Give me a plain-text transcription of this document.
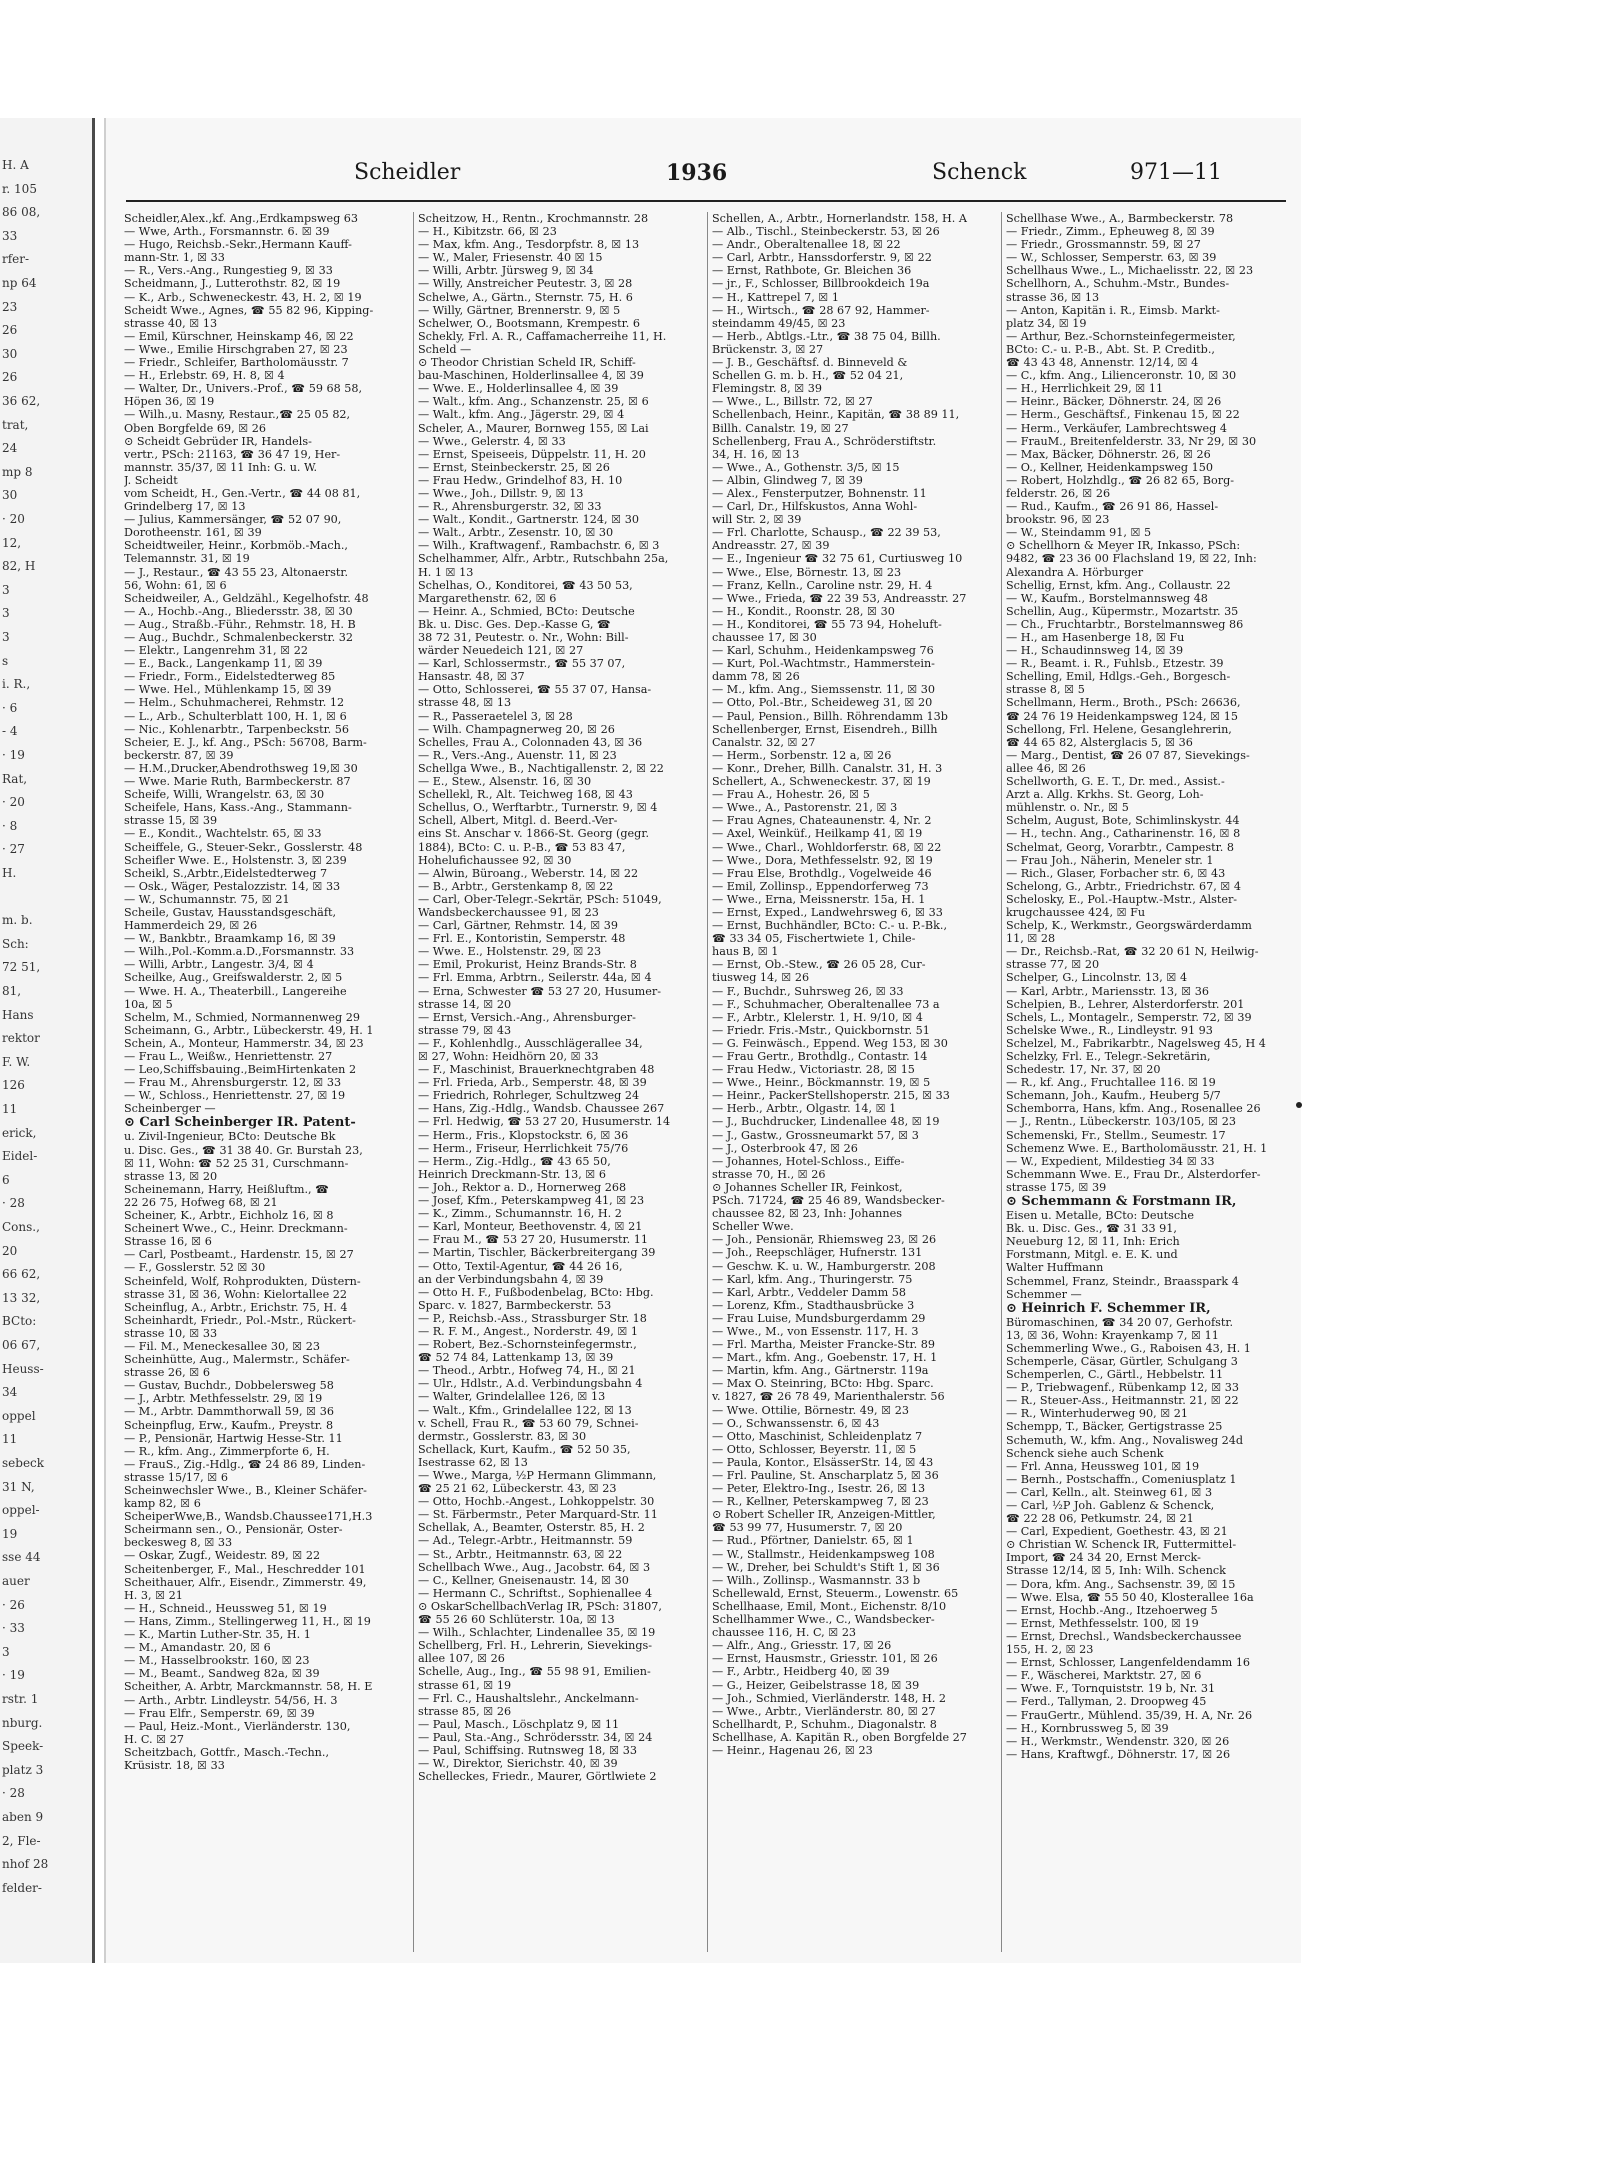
H. A
r. 105
86 08,
33
rfer-
np 64
23
26
30
26
36 62,
trat,
24
mp 8
30
· 20
12,
82, H
3
3
3
s
i. R.,
· 6
- 4
· 19
Rat,
· 20
· 8
· 27
H.
m. b.
Sch:
72 51,
81,
Hans
rektor
F. W.
126
11
erick,
Eidel-
6
· 28
Cons.,
20
66 62,
13 32,
BCto:
06 67,
Heuss-
34
oppel
11
sebeck
31 N,
oppel-
19
sse 44
auer
· 26
· 33
3
· 19
rstr. 1
nburg.
Speek-
platz 3
· 28
aben 9
2, Fle-
nhof 28
felder-
Scheidler	1936	Schenck	971—11
Scheidler,Alex.,kf. Ang.,Erdkampsweg 63
— Wwe, Arth., Forsmannstr. 6. ☒ 39
— Hugo, Reichsb.-Sekr.,Hermann Kauff-
mann-Str. 1, ☒ 33
— R., Vers.-Ang., Rungestieg 9, ☒ 33
Scheidmann, J., Lutterothstr. 82, ☒ 19
— K., Arb., Schweneckestr. 43, H. 2, ☒ 19
Scheidt Wwe., Agnes, ☎ 55 82 96, Kipping-
strasse 40, ☒ 13
— Emil, Kürschner, Heinskamp 46, ☒ 22
— Wwe., Emilie Hirschgraben 27, ☒ 23
— Friedr., Schleifer, Bartholomäusstr. 7
— H., Erlebstr. 69, H. 8, ☒ 4
— Walter, Dr., Univers.-Prof., ☎ 59 68 58,
Höpen 36, ☒ 19
— Wilh.,u. Masny, Restaur.,☎ 25 05 82,
Oben Borgfelde 69, ☒ 26
⊙ Scheidt Gebrüder IR, Handels-
vertr., PSch: 21163, ☎ 36 47 19, Her-
mannstr. 35/37, ☒ 11 Inh: G. u. W.
J. Scheidt
vom Scheidt, H., Gen.-Vertr., ☎ 44 08 81,
Grindelberg 17, ☒ 13
— Julius, Kammersänger, ☎ 52 07 90,
Dorotheenstr. 161, ☒ 39
Scheidtweiler, Heinr., Korbmöb.-Mach.,
Telemannstr. 31, ☒ 19
— J., Restaur., ☎ 43 55 23, Altonaerstr.
56, Wohn: 61, ☒ 6
Scheidweiler, A., Geldzähl., Kegelhofstr. 48
— A., Hochb.-Ang., Bliedersstr. 38, ☒ 30
— Aug., Straßb.-Führ., Rehmstr. 18, H. B
— Aug., Buchdr., Schmalenbeckerstr. 32
— Elektr., Langenrehm 31, ☒ 22
— E., Back., Langenkamp 11, ☒ 39
— Friedr., Form., Eidelstedterweg 85
— Wwe. Hel., Mühlenkamp 15, ☒ 39
— Helm., Schuhmacherei, Rehmstr. 12
— L., Arb., Schulterblatt 100, H. 1, ☒ 6
— Nic., Kohlenarbtr., Tarpenbeckstr. 56
Scheier, E. J., kf. Ang., PSch: 56708, Barm-
beckerstr. 87, ☒ 39
— H.M.,Drucker,Abendrothsweg 19,☒ 30
— Wwe. Marie Ruth, Barmbeckerstr. 87
Scheife, Willi, Wrangelstr. 63, ☒ 30
Scheifele, Hans, Kass.-Ang., Stammann-
strasse 15, ☒ 39
— E., Kondit., Wachtelstr. 65, ☒ 33
Scheiffele, G., Steuer-Sekr., Gosslerstr. 48
Scheifler Wwe. E., Holstenstr. 3, ☒ 239
Scheikl, S.,Arbtr.,Eidelstedterweg 7
— Osk., Wäger, Pestalozzistr. 14, ☒ 33
— W., Schumannstr. 75, ☒ 21
Scheile, Gustav, Hausstandsgeschäft,
Hammerdeich 29, ☒ 26
— W., Bankbtr., Braamkamp 16, ☒ 39
— Wilh.,Pol.-Komm.a.D.,Forsmannstr. 33
— Willi, Arbtr., Langestr. 3/4, ☒ 4
Scheilke, Aug., Greifswalderstr. 2, ☒ 5
— Wwe. H. A., Theaterbill., Langereihe
10a, ☒ 5
Schelm, M., Schmied, Normannenweg 29
Scheimann, G., Arbtr., Lübeckerstr. 49, H. 1
Schein, A., Monteur, Hammerstr. 34, ☒ 23
— Frau L., Weißw., Henriettenstr. 27
— Leo,Schiffsbauing.,BeimHirtenkaten 2
— Frau M., Ahrensburgerstr. 12, ☒ 33
— W., Schloss., Henriettenstr. 27, ☒ 19
Scheinberger —
⊙ Carl Scheinberger IR. Patent-
u. Zivil-Ingenieur, BCto: Deutsche Bk
u. Disc. Ges., ☎ 31 38 40. Gr. Burstah 23,
☒ 11, Wohn: ☎ 52 25 31, Curschmann-
strasse 13, ☒ 20
Scheinemann, Harry, Heißluftm., ☎
22 26 75, Hofweg 68, ☒ 21
Scheiner, K., Arbtr., Eichholz 16, ☒ 8
Scheinert Wwe., C., Heinr. Dreckmann-
Strasse 16, ☒ 6
— Carl, Postbeamt., Hardenstr. 15, ☒ 27
— F., Gosslerstr. 52 ☒ 30
Scheinfeld, Wolf, Rohprodukten, Düstern-
strasse 31, ☒ 36, Wohn: Kielortallee 22
Scheinflug, A., Arbtr., Erichstr. 75, H. 4
Scheinhardt, Friedr., Pol.-Mstr., Rückert-
strasse 10, ☒ 33
— Fil. M., Meneckesallee 30, ☒ 23
Scheinhütte, Aug., Malermstr., Schäfer-
strasse 26, ☒ 6
— Gustav, Buchdr., Dobbelersweg 58
— J., Arbtr. Methfesselstr. 29, ☒ 19
— M., Arbtr. Dammthorwall 59, ☒ 36
Scheinpflug, Erw., Kaufm., Preystr. 8
— P., Pensionär, Hartwig Hesse-Str. 11
— R., kfm. Ang., Zimmerpforte 6, H.
— FrauS., Zig.-Hdlg., ☎ 24 86 89, Linden-
strasse 15/17, ☒ 6
Scheinwechsler Wwe., B., Kleiner Schäfer-
kamp 82, ☒ 6
ScheiperWwe,B., Wandsb.Chaussee171,H.3
Scheirmann sen., O., Pensionär, Oster-
beckesweg 8, ☒ 33
— Oskar, Zugf., Weidestr. 89, ☒ 22
Scheitenberger, F., Mal., Heschredder 101
Scheithauer, Alfr., Eisendr., Zimmerstr. 49,
H. 3, ☒ 21
— H., Schneid., Heussweg 51, ☒ 19
— Hans, Zimm., Stellingerweg 11, H., ☒ 19
— K., Martin Luther-Str. 35, H. 1
— M., Amandastr. 20, ☒ 6
— M., Hasselbrookstr. 160, ☒ 23
— M., Beamt., Sandweg 82a, ☒ 39
Scheither, A. Arbtr, Marckmannstr. 58, H. E
— Arth., Arbtr. Lindleystr. 54/56, H. 3
— Frau Elfr., Semperstr. 69, ☒ 39
— Paul, Heiz.-Mont., Vierländerstr. 130,
H. C. ☒ 27
Scheitzbach, Gottfr., Masch.-Techn.,
Krüsistr. 18, ☒ 33
Scheitzow, H., Rentn., Krochmannstr. 28
— H., Kibitzstr. 66, ☒ 23
— Max, kfm. Ang., Tesdorpfstr. 8, ☒ 13
— W., Maler, Friesenstr. 40 ☒ 15
— Willi, Arbtr. Jürsweg 9, ☒ 34
— Willy, Anstreicher Peutestr. 3, ☒ 28
Schelwe, A., Gärtn., Sternstr. 75, H. 6
— Willy, Gärtner, Brennerstr. 9, ☒ 5
Schelwer, O., Bootsmann, Krempestr. 6
Schekly, Frl. A. R., Caffamacherreihe 11, H.
Scheld —
⊙ Theodor Christian Scheld IR, Schiff-
bau-Maschinen, Holderlinsallee 4, ☒ 39
— Wwe. E., Holderlinsallee 4, ☒ 39
— Walt., kfm. Ang., Schanzenstr. 25, ☒ 6
— Walt., kfm. Ang., Jägerstr. 29, ☒ 4
Scheler, A., Maurer, Bornweg 155, ☒ Lai
— Wwe., Gelerstr. 4, ☒ 33
— Ernst, Speiseeis, Düppelstr. 11, H. 20
— Ernst, Steinbeckerstr. 25, ☒ 26
— Frau Hedw., Grindelhof 83, H. 10
— Wwe., Joh., Dillstr. 9, ☒ 13
— R., Ahrensburgerstr. 32, ☒ 33
— Walt., Kondit., Gartnerstr. 124, ☒ 30
— Walt., Arbtr., Zesenstr. 10, ☒ 30
— Wilh., Kraftwagenf., Rambachstr. 6, ☒ 3
Schelhammer, Alfr., Arbtr., Rutschbahn 25a,
H. 1 ☒ 13
Schelhas, O., Konditorei, ☎ 43 50 53,
Margarethenstr. 62, ☒ 6
— Heinr. A., Schmied, BCto: Deutsche
Bk. u. Disc. Ges. Dep.-Kasse G, ☎
38 72 31, Peutestr. o. Nr., Wohn: Bill-
wärder Neuedeich 121, ☒ 27
— Karl, Schlossermstr., ☎ 55 37 07,
Hansastr. 48, ☒ 37
— Otto, Schlosserei, ☎ 55 37 07, Hansa-
strasse 48, ☒ 13
— R., Passeraetelel 3, ☒ 28
— Wilh. Champagnerweg 20, ☒ 26
Schelles, Frau A., Colonnaden 43, ☒ 36
— R., Vers.-Ang., Auenstr. 11, ☒ 23
Schellga Wwe., B., Nachtigallenstr. 2, ☒ 22
— E., Stew., Alsenstr. 16, ☒ 30
Schellekl, R., Alt. Teichweg 168, ☒ 43
Schellus, O., Werftarbtr., Turnerstr. 9, ☒ 4
Schell, Albert, Mitgl. d. Beerd.-Ver-
eins St. Anschar v. 1866-St. Georg (gegr.
1884), BCto: C. u. P.-B., ☎ 53 83 47,
Hohelufichaussee 92, ☒ 30
— Alwin, Büroang., Weberstr. 14, ☒ 22
— B., Arbtr., Gerstenkamp 8, ☒ 22
— Carl, Ober-Telegr.-Sekrtär, PSch: 51049,
Wandsbeckerchaussee 91, ☒ 23
— Carl, Gärtner, Rehmstr. 14, ☒ 39
— Frl. E., Kontoristin, Semperstr. 48
— Wwe. E., Holstenstr. 29, ☒ 23
— Emil, Prokurist, Heinz Brands-Str. 8
— Frl. Emma, Arbtrn., Seilerstr. 44a, ☒ 4
— Erna, Schwester ☎ 53 27 20, Husumer-
strasse 14, ☒ 20
— Ernst, Versich.-Ang., Ahrensburger-
strasse 79, ☒ 43
— F., Kohlenhdlg., Ausschlägerallee 34,
☒ 27, Wohn: Heidhörn 20, ☒ 33
— F., Maschinist, Brauerknechtgraben 48
— Frl. Frieda, Arb., Semperstr. 48, ☒ 39
— Friedrich, Rohrleger, Schultzweg 24
— Hans, Zig.-Hdlg., Wandsb. Chaussee 267
— Frl. Hedwig, ☎ 53 27 20, Husumerstr. 14
— Herm., Fris., Klopstockstr. 6, ☒ 36
— Herm., Friseur, Herrlichkeit 75/76
— Herm., Zig.-Hdlg., ☎ 43 65 50,
Heinrich Dreckmann-Str. 13, ☒ 6
— Joh., Rektor a. D., Hornerweg 268
— Josef, Kfm., Peterskampweg 41, ☒ 23
— K., Zimm., Schumannstr. 16, H. 2
— Karl, Monteur, Beethovenstr. 4, ☒ 21
— Frau M., ☎ 53 27 20, Husumerstr. 11
— Martin, Tischler, Bäckerbreitergang 39
— Otto, Textil-Agentur, ☎ 44 26 16,
an der Verbindungsbahn 4, ☒ 39
— Otto H. F., Fußbodenbelag, BCto: Hbg.
Sparc. v. 1827, Barmbeckerstr. 53
— P., Reichsb.-Ass., Strassburger Str. 18
— R. F. M., Angest., Norderstr. 49, ☒ 1
— Robert, Bez.-Schornsteinfegermstr.,
☎ 52 74 84, Lattenkamp 13, ☒ 39
— Theod., Arbtr., Hofweg 74, H., ☒ 21
— Ulr., Hdlstr., A.d. Verbindungsbahn 4
— Walter, Grindelallee 126, ☒ 13
— Walt., Kfm., Grindelallee 122, ☒ 13
v. Schell, Frau R., ☎ 53 60 79, Schnei-
dermstr., Gosslerstr. 83, ☒ 30
Schellack, Kurt, Kaufm., ☎ 52 50 35,
Isestrasse 62, ☒ 13
— Wwe., Marga, ½P Hermann Glimmann,
☎ 25 21 62, Lübeckerstr. 43, ☒ 23
— Otto, Hochb.-Angest., Lohkoppelstr. 30
— St. Färbermstr., Peter Marquard-Str. 11
Schellak, A., Beamter, Osterstr. 85, H. 2
— Ad., Telegr.-Arbtr., Heitmannstr. 59
— St., Arbtr., Heitmannstr. 63, ☒ 22
Schellbach Wwe., Aug., Jacobstr. 64, ☒ 3
— C., Kellner, Gneisenaustr. 14, ☒ 30
— Hermann C., Schriftst., Sophienallee 4
⊙ OskarSchellbachVerlag IR, PSch: 31807,
☎ 55 26 60 Schlüterstr. 10a, ☒ 13
— Wilh., Schlachter, Lindenallee 35, ☒ 19
Schellberg, Frl. H., Lehrerin, Sievekings-
allee 107, ☒ 26
Schelle, Aug., Ing., ☎ 55 98 91, Emilien-
strasse 61, ☒ 19
— Frl. C., Haushaltslehr., Anckelmann-
strasse 85, ☒ 26
— Paul, Masch., Löschplatz 9, ☒ 11
— Paul, Sta.-Ang., Schrödersstr. 34, ☒ 24
— Paul, Schiffsing. Rutnsweg 18, ☒ 33
— W., Direktor, Sierichstr. 40, ☒ 39
Schelleckes, Friedr., Maurer, Görtlwiete 2
Schellen, A., Arbtr., Hornerlandstr. 158, H. A
— Alb., Tischl., Steinbeckerstr. 53, ☒ 26
— Andr., Oberaltenallee 18, ☒ 22
— Carl, Arbtr., Hanssdorferstr. 9, ☒ 22
— Ernst, Rathbote, Gr. Bleichen 36
— jr., F., Schlosser, Billbrookdeich 19a
— H., Kattrepel 7, ☒ 1
— H., Wirtsch., ☎ 28 67 92, Hammer-
steindamm 49/45, ☒ 23
— Herb., Abtlgs.-Ltr., ☎ 38 75 04, Billh.
Brückenstr. 3, ☒ 27
— J. B., Geschäftsf. d. Binneveld &
Schellen G. m. b. H., ☎ 52 04 21,
Flemingstr. 8, ☒ 39
— Wwe., L., Billstr. 72, ☒ 27
Schellenbach, Heinr., Kapitän, ☎ 38 89 11,
Billh. Canalstr. 19, ☒ 27
Schellenberg, Frau A., Schröderstiftstr.
34, H. 16, ☒ 13
— Wwe., A., Gothenstr. 3/5, ☒ 15
— Albin, Glindweg 7, ☒ 39
— Alex., Fensterputzer, Bohnenstr. 11
— Carl, Dr., Hilfskustos, Anna Wohl-
will Str. 2, ☒ 39
— Frl. Charlotte, Schausp., ☎ 22 39 53,
Andreasstr. 27, ☒ 39
— E., Ingenieur ☎ 32 75 61, Curtiusweg 10
— Wwe., Else, Börnestr. 13, ☒ 23
— Franz, Kelln., Caroline nstr. 29, H. 4
— Wwe., Frieda, ☎ 22 39 53, Andreasstr. 27
— H., Kondit., Roonstr. 28, ☒ 30
— H., Konditorei, ☎ 55 73 94, Hoheluft-
chaussee 17, ☒ 30
— Karl, Schuhm., Heidenkampsweg 76
— Kurt, Pol.-Wachtmstr., Hammerstein-
damm 78, ☒ 26
— M., kfm. Ang., Siemssenstr. 11, ☒ 30
— Otto, Pol.-Btr., Scheideweg 31, ☒ 20
— Paul, Pension., Billh. Röhrendamm 13b
Schellenberger, Ernst, Eisendreh., Billh
Canalstr. 32, ☒ 27
— Herm., Sorbenstr. 12 a, ☒ 26
— Konr., Dreher, Billh. Canalstr. 31, H. 3
Schellert, A., Schweneckestr. 37, ☒ 19
— Frau A., Hohestr. 26, ☒ 5
— Wwe., A., Pastorenstr. 21, ☒ 3
— Frau Agnes, Chateaunenstr. 4, Nr. 2
— Axel, Weinküf., Heilkamp 41, ☒ 19
— Wwe., Charl., Wohldorferstr. 68, ☒ 22
— Wwe., Dora, Methfesselstr. 92, ☒ 19
— Frau Else, Brothdlg., Vogelweide 46
— Emil, Zollinsp., Eppendorferweg 73
— Wwe., Erna, Meissnerstr. 15a, H. 1
— Ernst, Exped., Landwehrsweg 6, ☒ 33
— Ernst, Buchhändler, BCto: C.- u. P.-Bk.,
☎ 33 34 05, Fischertwiete 1, Chile-
haus B, ☒ 1
— Ernst, Ob.-Stew., ☎ 26 05 28, Cur-
tiusweg 14, ☒ 26
— F., Buchdr., Suhrsweg 26, ☒ 33
— F., Schuhmacher, Oberaltenallee 73 a
— F., Arbtr., Klelerstr. 1, H. 9/10, ☒ 4
— Friedr. Fris.-Mstr., Quickbornstr. 51
— G. Feinwäsch., Eppend. Weg 153, ☒ 30
— Frau Gertr., Brothdlg., Contastr. 14
— Frau Hedw., Victoriastr. 28, ☒ 15
— Wwe., Heinr., Böckmannstr. 19, ☒ 5
— Heinr., PackerStellshoperstr. 215, ☒ 33
— Herb., Arbtr., Olgastr. 14, ☒ 1
— J., Buchdrucker, Lindenallee 48, ☒ 19
— J., Gastw., Grossneumarkt 57, ☒ 3
— J., Osterbrook 47, ☒ 26
— Johannes, Hotel-Schloss., Eiffe-
strasse 70, H., ☒ 26
⊙ Johannes Scheller IR, Feinkost,
PSch. 71724, ☎ 25 46 89, Wandsbecker-
chaussee 82, ☒ 23, Inh: Johannes
Scheller Wwe.
— Joh., Pensionär, Rhiemsweg 23, ☒ 26
— Joh., Reepschläger, Hufnerstr. 131
— Geschw. K. u. W., Hamburgerstr. 208
— Karl, kfm. Ang., Thuringerstr. 75
— Karl, Arbtr., Veddeler Damm 58
— Lorenz, Kfm., Stadthausbrücke 3
— Frau Luise, Mundsburgerdamm 29
— Wwe., M., von Essenstr. 117, H. 3
— Frl. Martha, Meister Francke-Str. 89
— Mart., kfm. Ang., Goebenstr. 17, H. 1
— Martin, kfm. Ang., Gärtnerstr. 119a
— Max O. Steinring, BCto: Hbg. Sparc.
v. 1827, ☎ 26 78 49, Marienthalerstr. 56
— Wwe. Ottilie, Börnestr. 49, ☒ 23
— O., Schwanssenstr. 6, ☒ 43
— Otto, Maschinist, Schleidenplatz 7
— Otto, Schlosser, Beyerstr. 11, ☒ 5
— Paula, Kontor., ElsässerStr. 14, ☒ 43
— Frl. Pauline, St. Anscharplatz 5, ☒ 36
— Peter, Elektro-Ing., Isestr. 26, ☒ 13
— R., Kellner, Peterskampweg 7, ☒ 23
⊙ Robert Scheller IR, Anzeigen-Mittler,
☎ 53 99 77, Husumerstr. 7, ☒ 20
— Rud., Pförtner, Danielstr. 65, ☒ 1
— W., Stallmstr., Heidenkampsweg 108
— W., Dreher, bei Schuldt's Stift 1, ☒ 36
— Wilh., Zollinsp., Wasmannstr. 33 b
Schellewald, Ernst, Steuerm., Lowenstr. 65
Schellhaase, Emil, Mont., Eichenstr. 8/10
Schellhammer Wwe., C., Wandsbecker-
chaussee 116, H. C, ☒ 23
— Alfr., Ang., Griesstr. 17, ☒ 26
— Ernst, Hausmstr., Griesstr. 101, ☒ 26
— F., Arbtr., Heidberg 40, ☒ 39
— G., Heizer, Geibelstrasse 18, ☒ 39
— Joh., Schmied, Vierländerstr. 148, H. 2
— Wwe., Arbtr., Vierländerstr. 80, ☒ 27
Schellhardt, P., Schuhm., Diagonalstr. 8
Schellhase, A. Kapitän R., oben Borgfelde 27
— Heinr., Hagenau 26, ☒ 23
Schellhase Wwe., A., Barmbeckerstr. 78
— Friedr., Zimm., Epheuweg 8, ☒ 39
— Friedr., Grossmannstr. 59, ☒ 27
— W., Schlosser, Semperstr. 63, ☒ 39
Schellhaus Wwe., L., Michaelisstr. 22, ☒ 23
Schellhorn, A., Schuhm.-Mstr., Bundes-
strasse 36, ☒ 13
— Anton, Kapitän i. R., Eimsb. Markt-
platz 34, ☒ 19
— Arthur, Bez.-Schornsteinfegermeister,
BCto: C.- u. P.-B., Abt. St. P. Creditb.,
☎ 43 43 48, Annenstr. 12/14, ☒ 4
— C., kfm. Ang., Lilienceronstr. 10, ☒ 30
— H., Herrlichkeit 29, ☒ 11
— Heinr., Bäcker, Döhnerstr. 24, ☒ 26
— Herm., Geschäftsf., Finkenau 15, ☒ 22
— Herm., Verkäufer, Lambrechtsweg 4
— FrauM., Breitenfelderstr. 33, Nr 29, ☒ 30
— Max, Bäcker, Döhnerstr. 26, ☒ 26
— O., Kellner, Heidenkampsweg 150
— Robert, Holzhdlg., ☎ 26 82 65, Borg-
felderstr. 26, ☒ 26
— Rud., Kaufm., ☎ 26 91 86, Hassel-
brookstr. 96, ☒ 23
— W., Steindamm 91, ☒ 5
⊙ Schellhorn & Meyer IR, Inkasso, PSch:
9482, ☎ 23 36 00 Flachsland 19, ☒ 22, Inh:
Alexandra A. Hörburger
Schellig, Ernst, kfm. Ang., Collaustr. 22
— W., Kaufm., Borstelmannsweg 48
Schellin, Aug., Küpermstr., Mozartstr. 35
— Ch., Fruchtarbtr., Borstelmannsweg 86
— H., am Hasenberge 18, ☒ Fu
— H., Schaudinnsweg 14, ☒ 39
— R., Beamt. i. R., Fuhlsb., Etzestr. 39
Schelling, Emil, Hdlgs.-Geh., Borgesch-
strasse 8, ☒ 5
Schellmann, Herm., Broth., PSch: 26636,
☎ 24 76 19 Heidenkampsweg 124, ☒ 15
Schellong, Frl. Helene, Gesanglehrerin,
☎ 44 65 82, Alsterglacis 5, ☒ 36
— Marg., Dentist, ☎ 26 07 87, Sievekings-
allee 46, ☒ 26
Schellworth, G. E. T., Dr. med., Assist.-
Arzt a. Allg. Krkhs. St. Georg, Loh-
mühlenstr. o. Nr., ☒ 5
Schelm, August, Bote, Schimlinskystr. 44
— H., techn. Ang., Catharinenstr. 16, ☒ 8
Schelmat, Georg, Vorarbtr., Campestr. 8
— Frau Joh., Näherin, Meneler str. 1
— Rich., Glaser, Forbacher str. 6, ☒ 43
Schelong, G., Arbtr., Friedrichstr. 67, ☒ 4
Schelosky, E., Pol.-Hauptw.-Mstr., Alster-
krugchaussee 424, ☒ Fu
Schelp, K., Werkmstr., Georgswärderdamm
11, ☒ 28
— Dr., Reichsb.-Rat, ☎ 32 20 61 N, Heilwig-
strasse 77, ☒ 20
Schelper, G., Lincolnstr. 13, ☒ 4
— Karl, Arbtr., Mariensstr. 13, ☒ 36
Schelpien, B., Lehrer, Alsterdorferstr. 201
Schels, L., Montagelr., Semperstr. 72, ☒ 39
Schelske Wwe., R., Lindleystr. 91 93
Schelzel, M., Fabrikarbtr., Nagelsweg 45, H 4
Schelzky, Frl. E., Telegr.-Sekretärin,
Schedestr. 17, Nr. 37, ☒ 20
— R., kf. Ang., Fruchtallee 116. ☒ 19
Schemann, Joh., Kaufm., Heuberg 5/7
Schemborra, Hans, kfm. Ang., Rosenallee 26
— J., Rentn., Lübeckerstr. 103/105, ☒ 23
Schemenski, Fr., Stellm., Seumestr. 17
Schemenz Wwe. E., Bartholomäusstr. 21, H. 1
— W., Expedient, Mildestieg 34 ☒ 33
Schemmann Wwe. E., Frau Dr., Alsterdorfer-
strasse 175, ☒ 39
⊙ Schemmann & Forstmann IR,
Eisen u. Metalle, BCto: Deutsche
Bk. u. Disc. Ges., ☎ 31 33 91,
Neueburg 12, ☒ 11, Inh: Erich
Forstmann, Mitgl. e. E. K. und
Walter Huffmann
Schemmel, Franz, Steindr., Braasspark 4
Schemmer —
⊙ Heinrich F. Schemmer IR,
Büromaschinen, ☎ 34 20 07, Gerhofstr.
13, ☒ 36, Wohn: Krayenkamp 7, ☒ 11
Schemmerling Wwe., G., Raboisen 43, H. 1
Schemperle, Cäsar, Gürtler, Schulgang 3
Schemperlen, C., Gärtl., Hebbelstr. 11
— P., Triebwagenf., Rübenkamp 12, ☒ 33
— R., Steuer-Ass., Heitmannstr. 21, ☒ 22
— R., Winterhuderweg 90, ☒ 21
Schempp, T., Bäcker, Gertigstrasse 25
Schemuth, W., kfm. Ang., Novalisweg 24d
Schenck siehe auch Schenk
— Frl. Anna, Heussweg 101, ☒ 19
— Bernh., Postschaffn., Comeniusplatz 1
— Carl, Kelln., alt. Steinweg 61, ☒ 3
— Carl, ½P Joh. Gablenz & Schenck,
☎ 22 28 06, Petkumstr. 24, ☒ 21
— Carl, Expedient, Goethestr. 43, ☒ 21
⊙ Christian W. Schenck IR, Futtermittel-
Import, ☎ 24 34 20, Ernst Merck-
Strasse 12/14, ☒ 5, Inh: Wilh. Schenck
— Dora, kfm. Ang., Sachsenstr. 39, ☒ 15
— Wwe. Elsa, ☎ 55 50 40, Klosterallee 16a
— Ernst, Hochb.-Ang., Itzehoerweg 5
— Ernst, Methfesselstr. 100, ☒ 19
— Ernst, Drechsl., Wandsbeckerchaussee
155, H. 2, ☒ 23
— Ernst, Schlosser, Langenfeldendamm 16
— F., Wäscherei, Marktstr. 27, ☒ 6
— Wwe. F., Tornquiststr. 19 b, Nr. 31
— Ferd., Tallyman, 2. Droopweg 45
— FrauGertr., Mühlend. 35/39, H. A, Nr. 26
— H., Kornbrussweg 5, ☒ 39
— H., Werkmstr., Wendenstr. 320, ☒ 26
— Hans, Kraftwgf., Döhnerstr. 17, ☒ 26
